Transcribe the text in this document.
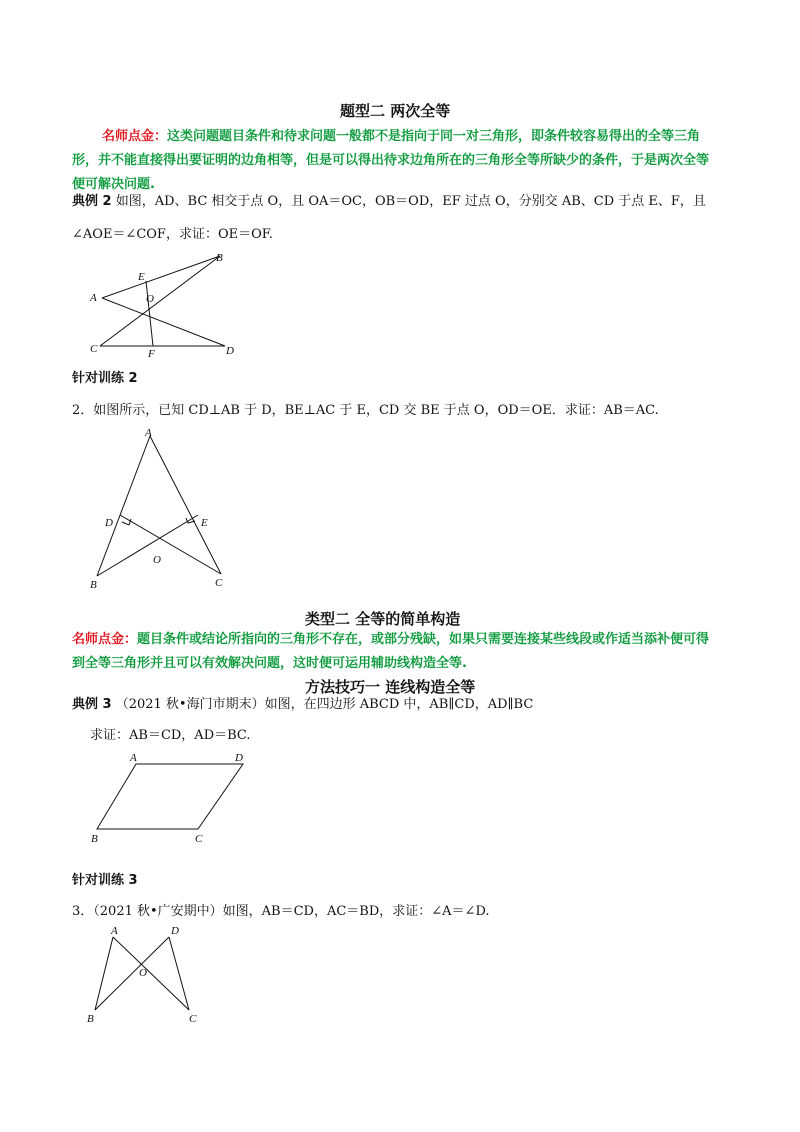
题型二 两次全等
名师点金：这类问题题目条件和待求问题一般都不是指向于同一对三角形，即条件较容易得出的全等三角形，并不能直接得出要证明的边角相等，但是可以得出待求边角所在的三角形全等所缺少的条件，于是两次全等便可解决问题.
典例 2 如图，AD、BC 相交于点 O，且 OA＝OC，OB＝OD，EF 过点 O，分别交 AB、CD 于点 E、F，且
∠AOE＝∠COF，求证：OE＝OF.
A
B
C	D
E
F
O
针对训练 2
2．如图所示，已知 CD⊥AB 于 D，BE⊥AC 于 E，CD 交 BE 于点 O，OD＝OE．求证：AB＝AC.
A
B	C
D	E
O
类型二 全等的简单构造
名师点金：题目条件或结论所指向的三角形不存在，或部分残缺，如果只需要连接某些线段或作适当添补便可得到全等三角形并且可以有效解决问题，这时便可运用辅助线构造全等.
方法技巧一 连线构造全等
典例 3 （2021 秋•海门市期末）如图，在四边形 ABCD 中，AB∥CD，AD∥BC
求证：AB＝CD，AD＝BC.
A	D
B	C
针对训练 3
3．（2021 秋•广安期中）如图，AB＝CD，AC＝BD，求证：∠A＝∠D.
A	D
B	C
O
